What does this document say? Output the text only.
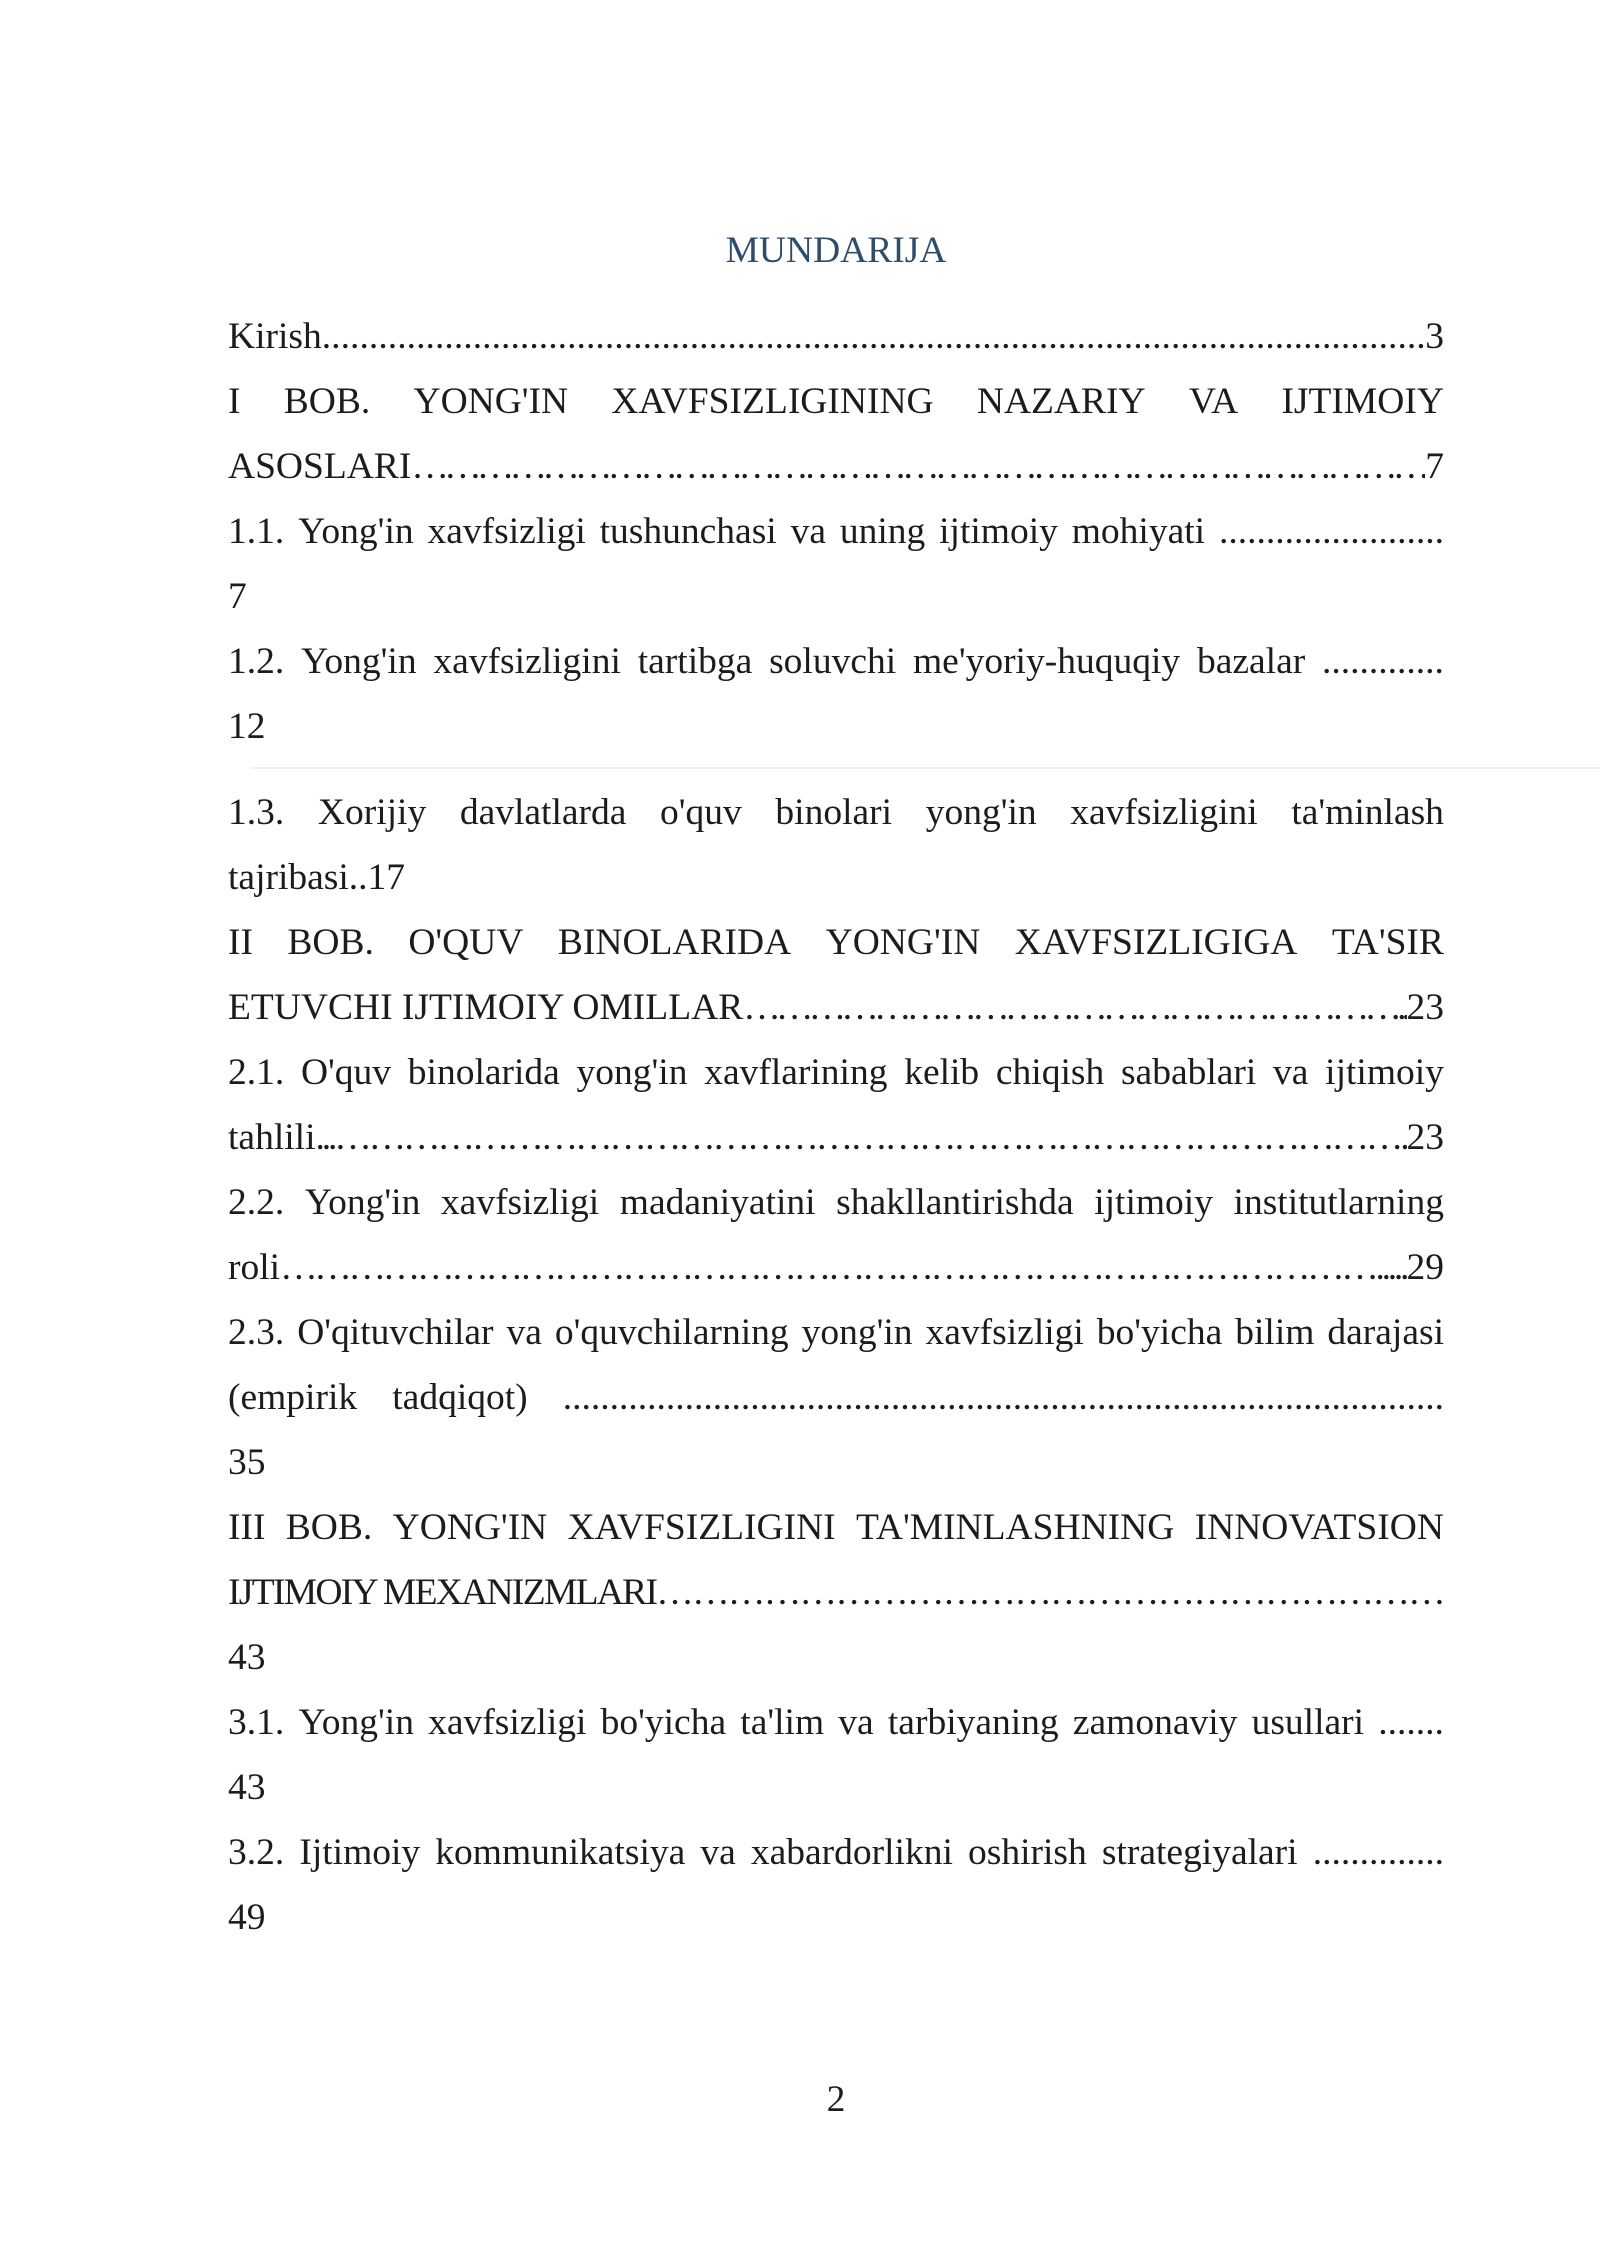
MUNDARIJA
Kirish ..................................................................................................................... 3
I BOB. YONG'IN XAVFSIZLIGINING NAZARIY VA IJTIMOIY
ASOSLARI ………………………………………………………………………………… 7
1.1. Yong'in xavfsizligi tushunchasi va uning ijtimoiy mohiyati ........................
7
1.2. Yong'in xavfsizligini tartibga soluvchi me'yoriy-huquqiy bazalar .............
12
1.3. Xorijiy davlatlarda o'quv binolari yong'in xavfsizligini ta'minlash
tajribasi..17
II BOB. O'QUV BINOLARIDA YONG'IN XAVFSIZLIGIGA TA'SIR
ETUVCHI IJTIMOIY OMILLAR …………………………………………………….. 23
2.1. O'quv binolarida yong'in xavflarining kelib chiqish sabablari va ijtimoiy
tahlili ...…………………………………………………………………………………. 23
2.2. Yong'in xavfsizligi madaniyatini shakllantirishda ijtimoiy institutlarning
roli ……………………………………………………………………………………..... 29
2.3. O'qituvchilar va o'quvchilarning yong'in xavfsizligi bo'yicha bilim darajasi
(empirik tadqiqot) ..............................................................................................
35
III BOB. YONG'IN XAVFSIZLIGINI TA'MINLASHNING INNOVATSION
IJTIMOIY MEXANIZMLARI…………………………………………………………
43
3.1. Yong'in xavfsizligi bo'yicha ta'lim va tarbiyaning zamonaviy usullari .......
43
3.2. Ijtimoiy kommunikatsiya va xabardorlikni oshirish strategiyalari ..............
49
2
